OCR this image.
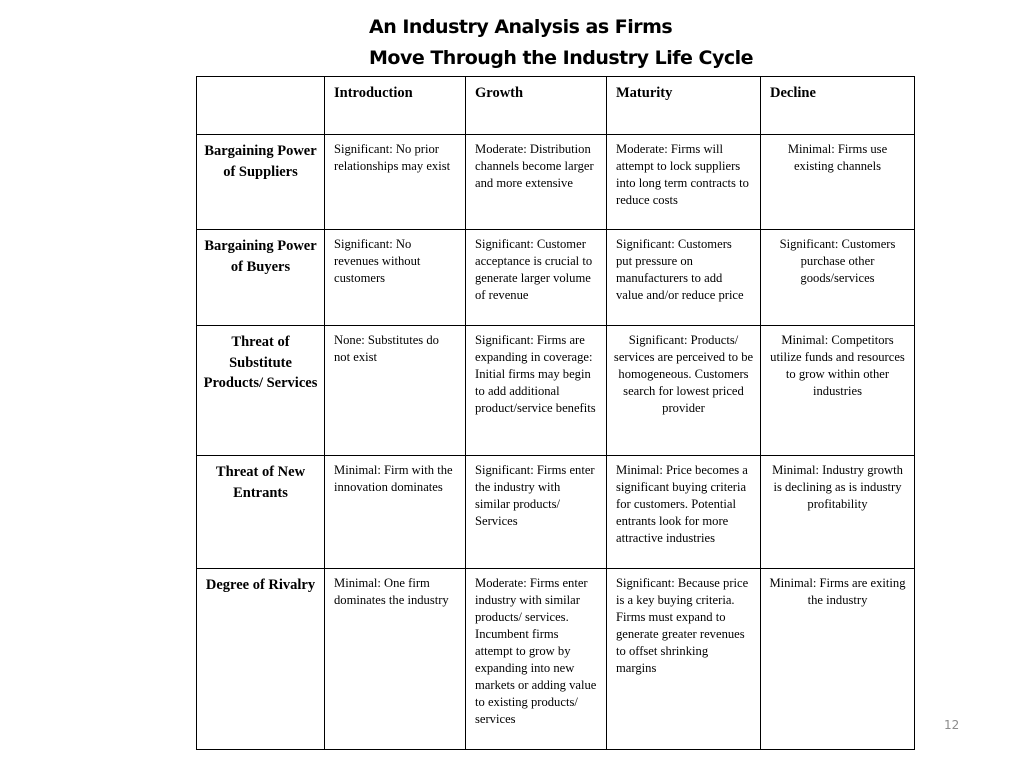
An Industry Analysis as Firms
Move Through the Industry Life Cycle
	Introduction	Growth	Maturity	Decline
Bargaining Power of Suppliers	Significant: No prior relationships may exist	Moderate: Distribution channels become larger and more extensive	Moderate: Firms will attempt to lock suppliers into long term contracts to reduce costs	Minimal: Firms use existing channels
Bargaining Power of Buyers	Significant: No revenues without customers	Significant: Customer acceptance is crucial to generate larger volume of revenue	Significant: Customers put pressure on manufacturers to add value and/or reduce price	Significant: Customers purchase other goods/services
Threat of Substitute Products/ Services	None: Substitutes do not exist	Significant: Firms are expanding in coverage: Initial firms may begin to add additional product/service benefits	Significant: Products/ services are perceived to be homogeneous. Customers search for lowest priced provider	Minimal: Competitors utilize funds and resources to grow within other industries
Threat of New Entrants	Minimal: Firm with the innovation dominates	Significant: Firms enter the industry with similar products/ Services	Minimal: Price becomes a significant buying criteria for customers. Potential entrants look for more attractive industries	Minimal: Industry growth is declining as is industry profitability
Degree of Rivalry	Minimal: One firm dominates the industry	Moderate: Firms enter industry with similar products/ services. Incumbent firms attempt to grow by expanding into new markets or adding value to existing products/ services	Significant: Because price is a key buying criteria. Firms must expand to generate greater revenues to offset shrinking margins	Minimal: Firms are exiting the industry
12
